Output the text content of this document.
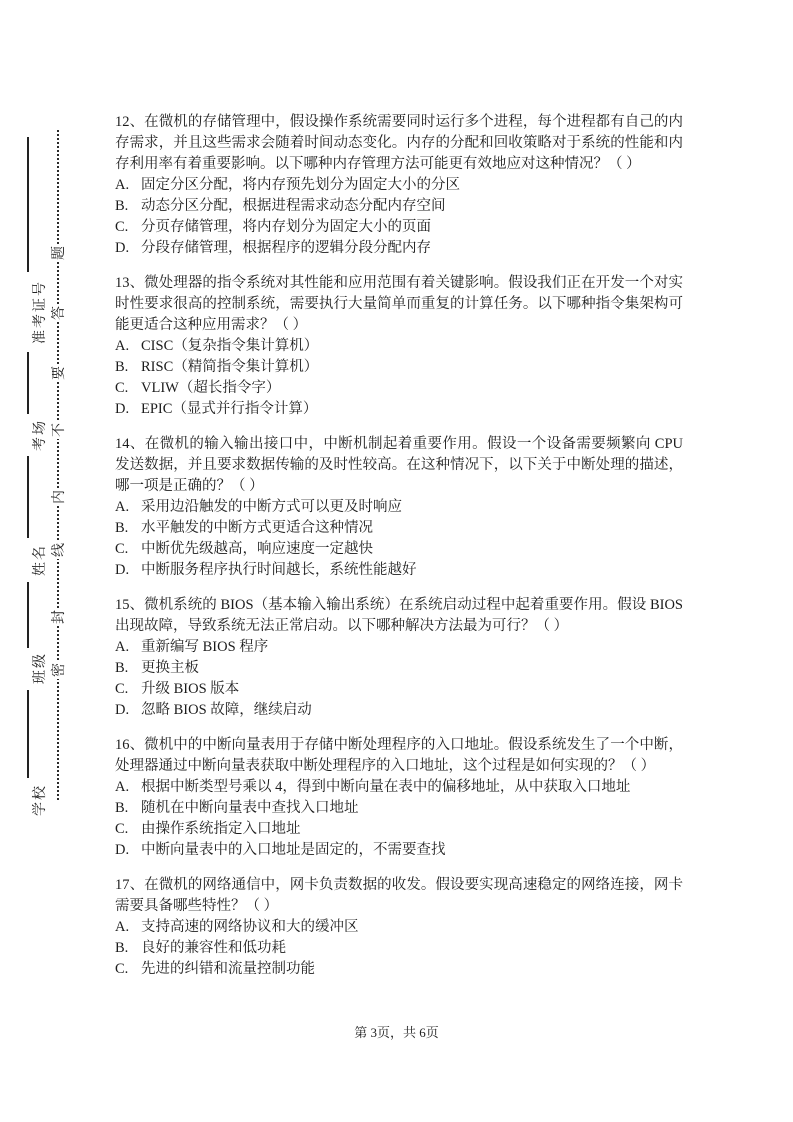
题
答
要
不
内
线
封
密
准考证号
考场
姓名
班级
学校

12、在微机的存储管理中，假设操作系统需要同时运行多个进程，每个进程都有自己的内存需求，并且这些需求会随着时间动态变化。内存的分配和回收策略对于系统的性能和内存利用率有着重要影响。以下哪种内存管理方法可能更有效地应对这种情况？（ ）

A. 固定分区分配，将内存预先划分为固定大小的分区
B. 动态分区分配，根据进程需求动态分配内存空间
C. 分页存储管理，将内存划分为固定大小的页面
D. 分段存储管理，根据程序的逻辑分段分配内存

13、微处理器的指令系统对其性能和应用范围有着关键影响。假设我们正在开发一个对实时性要求很高的控制系统，需要执行大量简单而重复的计算任务。以下哪种指令集架构可能更适合这种应用需求？（ ）

A. CISC（复杂指令集计算机）
B. RISC（精简指令集计算机）
C. VLIW（超长指令字）
D. EPIC（显式并行指令计算）

14、在微机的输入输出接口中，中断机制起着重要作用。假设一个设备需要频繁向 CPU 发送数据，并且要求数据传输的及时性较高。在这种情况下，以下关于中断处理的描述，哪一项是正确的？（ ）

A. 采用边沿触发的中断方式可以更及时响应
B. 水平触发的中断方式更适合这种情况
C. 中断优先级越高，响应速度一定越快
D. 中断服务程序执行时间越长，系统性能越好

15、微机系统的 BIOS（基本输入输出系统）在系统启动过程中起着重要作用。假设 BIOS 出现故障，导致系统无法正常启动。以下哪种解决方法最为可行？（ ）

A. 重新编写 BIOS 程序
B. 更换主板
C. 升级 BIOS 版本
D. 忽略 BIOS 故障，继续启动

16、微机中的中断向量表用于存储中断处理程序的入口地址。假设系统发生了一个中断，处理器通过中断向量表获取中断处理程序的入口地址，这个过程是如何实现的？（ ）

A. 根据中断类型号乘以 4，得到中断向量在表中的偏移地址，从中获取入口地址
B. 随机在中断向量表中查找入口地址
C. 由操作系统指定入口地址
D. 中断向量表中的入口地址是固定的，不需要查找

17、在微机的网络通信中，网卡负责数据的收发。假设要实现高速稳定的网络连接，网卡需要具备哪些特性？（ ）

A. 支持高速的网络协议和大的缓冲区
B. 良好的兼容性和低功耗
C. 先进的纠错和流量控制功能
第 3页，共 6页
